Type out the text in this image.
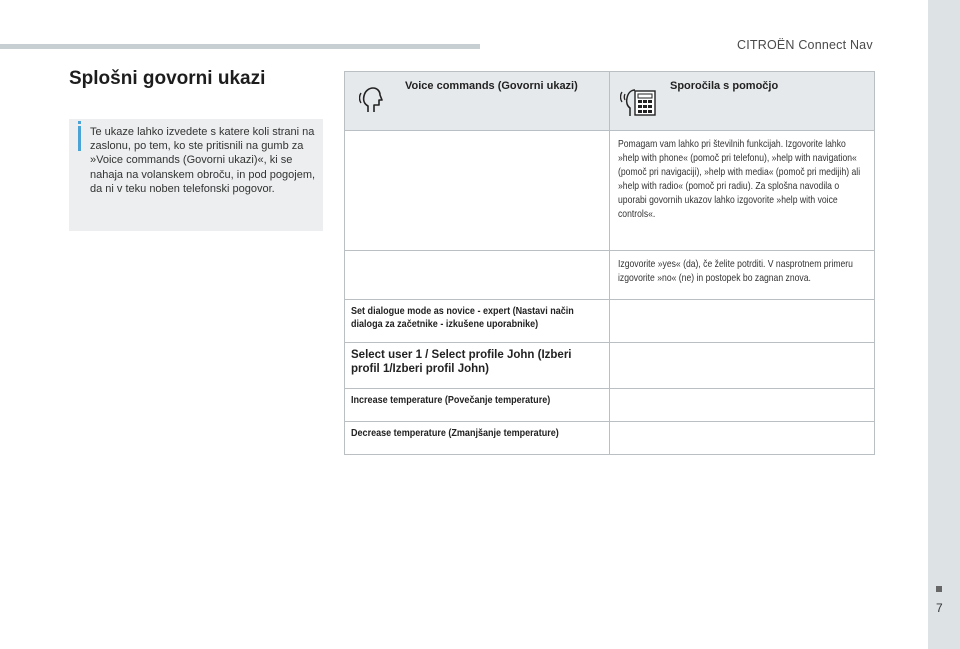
CITROËN Connect Nav
7
Splošni govorni ukazi
Te ukaze lahko izvedete s katere koli strani na zaslonu, po tem, ko ste pritisnili na gumb za »Voice commands (Govorni ukazi)«, ki se nahaja na volanskem obroču, in pod pogojem, da ni v teku noben telefonski pogovor.
Voice commands (Govorni ukazi)	Sporočila s pomočjo

	Pomagam vam lahko pri številnih funkcijah. Izgovorite lahko »help with phone« (pomoč pri telefonu), »help with navigation« (pomoč pri navigaciji), »help with media« (pomoč pri medijih) ali »help with radio« (pomoč pri radiu). Za splošna navodila o uporabi govornih ukazov lahko izgovorite »help with voice controls«.

	Izgovorite »yes« (da), če želite potrditi. V nasprotnem primeru izgovorite »no« (ne) in postopek bo zagnan znova.

Set dialogue mode as novice - expert (Nastavi način dialoga za začetnike - izkušene uporabnike)	

Select user 1 / Select profile John (Izberi profil 1/Izberi profil John)	

Increase temperature (Povečanje temperature)	

Decrease temperature (Zmanjšanje temperature)	
